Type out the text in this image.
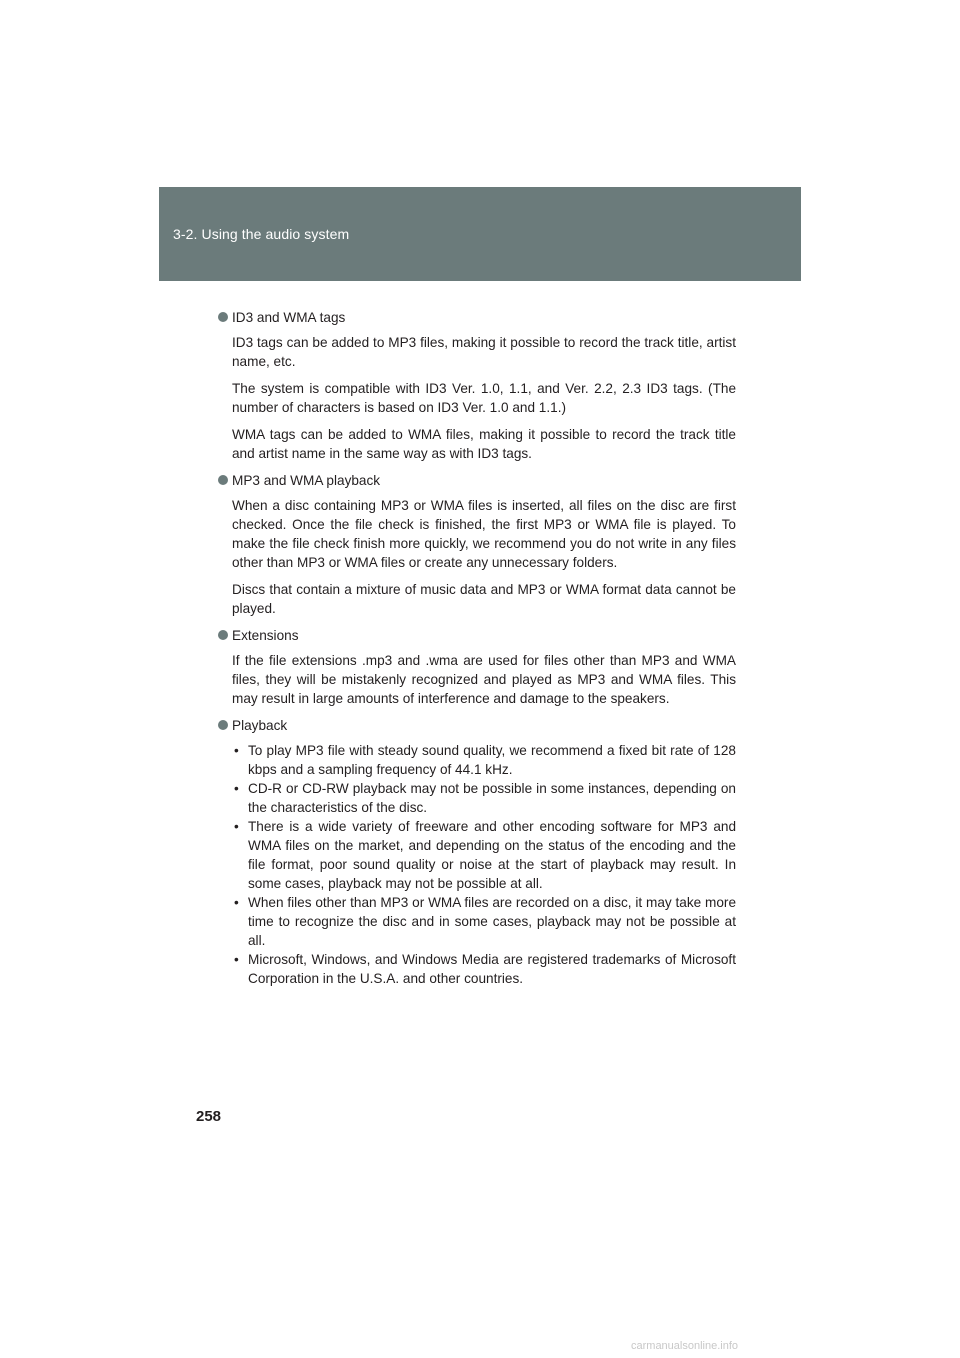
3-2. Using the audio system
ID3 and WMA tags

ID3 tags can be added to MP3 files, making it possible to record the track title, artist name, etc.

The system is compatible with ID3 Ver. 1.0, 1.1, and Ver. 2.2, 2.3 ID3 tags. (The number of characters is based on ID3 Ver. 1.0 and 1.1.)

WMA tags can be added to WMA files, making it possible to record the track title and artist name in the same way as with ID3 tags.

MP3 and WMA playback

When a disc containing MP3 or WMA files is inserted, all files on the disc are first checked. Once the file check is finished, the first MP3 or WMA file is played. To make the file check finish more quickly, we recommend you do not write in any files other than MP3 or WMA files or create any unnecessary folders.

Discs that contain a mixture of music data and MP3 or WMA format data cannot be played.

Extensions

If the file extensions .mp3 and .wma are used for files other than MP3 and WMA files, they will be mistakenly recognized and played as MP3 and WMA files. This may result in large amounts of interference and damage to the speakers.

Playback
• To play MP3 file with steady sound quality, we recommend a fixed bit rate of 128 kbps and a sampling frequency of 44.1 kHz.
• CD-R or CD-RW playback may not be possible in some instances, depending on the characteristics of the disc.
• There is a wide variety of freeware and other encoding software for MP3 and WMA files on the market, and depending on the status of the encoding and the file format, poor sound quality or noise at the start of playback may result. In some cases, playback may not be possible at all.
• When files other than MP3 or WMA files are recorded on a disc, it may take more time to recognize the disc and in some cases, playback may not be possible at all.
• Microsoft, Windows, and Windows Media are registered trademarks of Microsoft Corporation in the U.S.A. and other countries.
258
carmanualsonline.info
